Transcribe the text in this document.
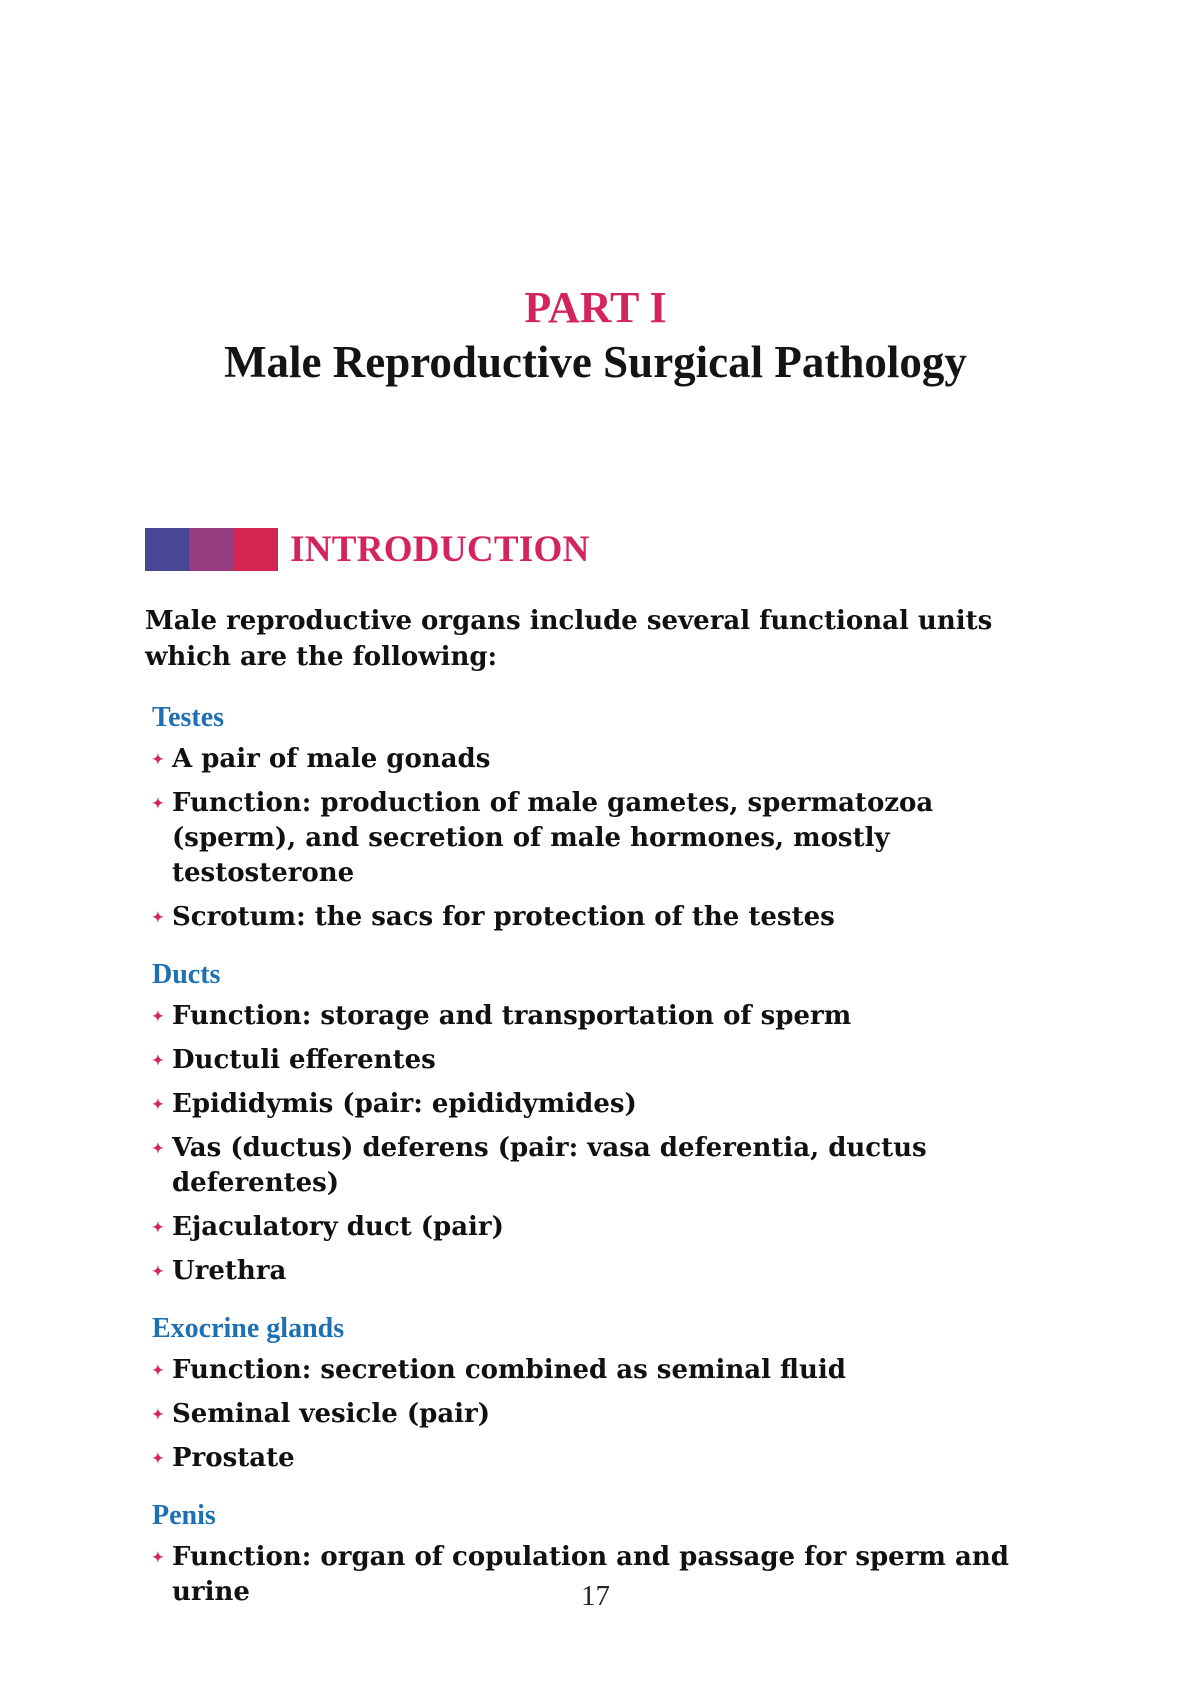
PART I
Male Reproductive Surgical Pathology
INTRODUCTION

Male reproductive organs include several functional units which are the following:

Testes
✦ A pair of male gonads
✦ Function: production of male gametes, spermatozoa (sperm), and secretion of male hormones, mostly testosterone
✦ Scrotum: the sacs for protection of the testes
Ducts
✦ Function: storage and transportation of sperm
✦ Ductuli efferentes
✦ Epididymis (pair: epididymides)
✦ Vas (ductus) deferens (pair: vasa deferentia, ductus deferentes)
✦ Ejaculatory duct (pair)
✦ Urethra
Exocrine glands
✦ Function: secretion combined as seminal fluid
✦ Seminal vesicle (pair)
✦ Prostate
Penis
✦ Function: organ of copulation and passage for sperm and urine	17
